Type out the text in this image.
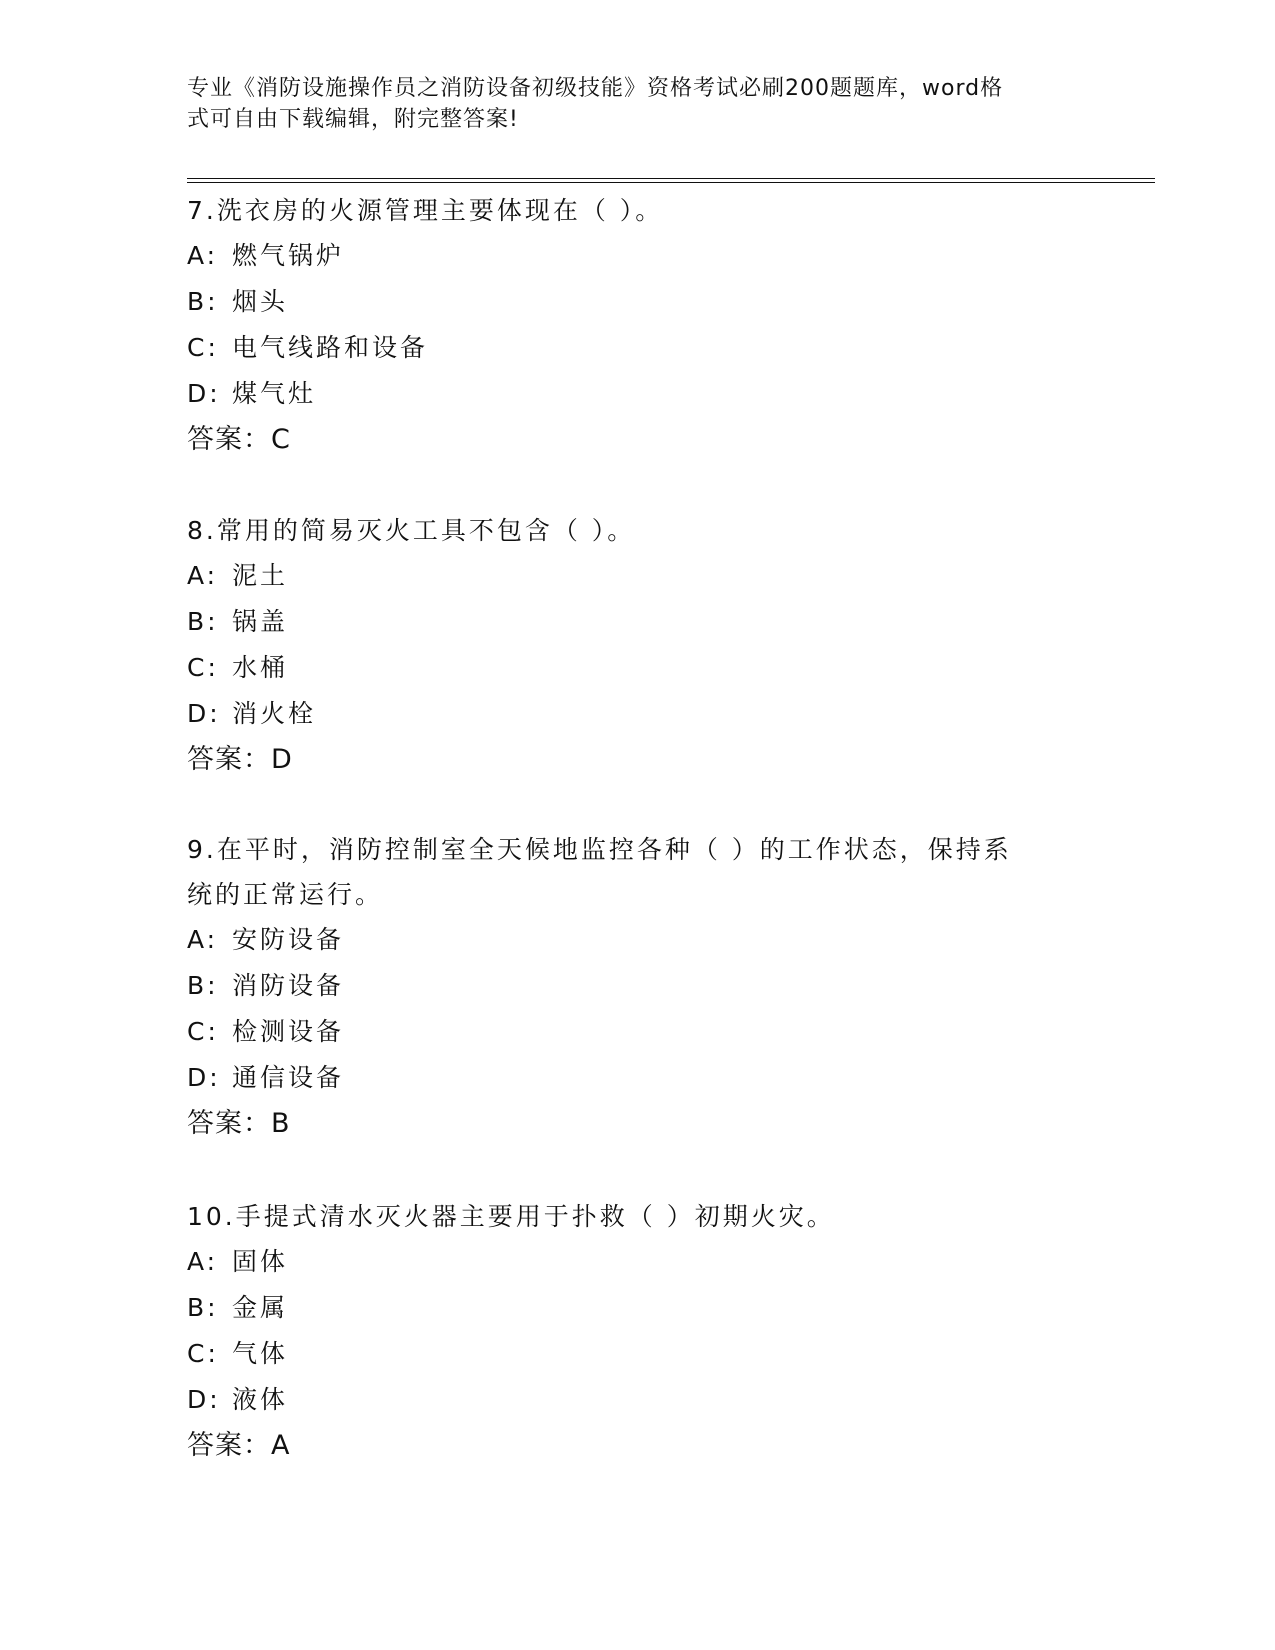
专业《消防设施操作员之消防设备初级技能》资格考试必刷200题题库，word格
式可自由下载编辑，附完整答案!
7.洗衣房的火源管理主要体现在（ ）。
A: 燃气锅炉
B: 烟头
C: 电气线路和设备
D: 煤气灶
答案：C
8.常用的简易灭火工具不包含（ ）。
A: 泥土
B: 锅盖
C: 水桶
D: 消火栓
答案：D
9.在平时，消防控制室全天候地监控各种（ ）的工作状态，保持系
统的正常运行。
A: 安防设备
B: 消防设备
C: 检测设备
D: 通信设备
答案：B
10.手提式清水灭火器主要用于扑救（ ）初期火灾。
A: 固体
B: 金属
C: 气体
D: 液体
答案：A
